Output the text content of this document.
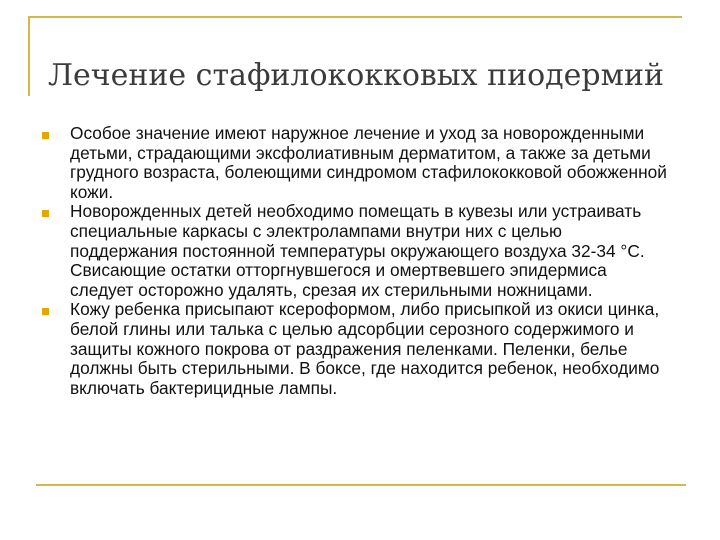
Лечение стафилококковых пиодермий
Особое значение имеют наружное лечение и уход за новорожденными детьми, страдающими эксфолиативным дерматитом, а также за детьми грудного возраста, болеющими синдромом стафилококковой обожженной кожи.
Новорожденных детей необходимо помещать в кувезы или устраивать специальные каркасы с электролампами внутри них с целью поддержания постоянной температуры окружающего воздуха 32-34 °С. Свисающие остатки отторгнувшегося и омертвевшего эпидермиса следует осторожно удалять, срезая их стерильными ножницами.
Кожу ребенка присыпают ксероформом, либо присыпкой из окиси цинка, белой глины или талька с целью адсорбции серозного содержимого и защиты кожного покрова от раздражения пеленками. Пеленки, белье должны быть стерильными. В боксе, где находится ребенок, необходимо включать бактерицидные лампы.
